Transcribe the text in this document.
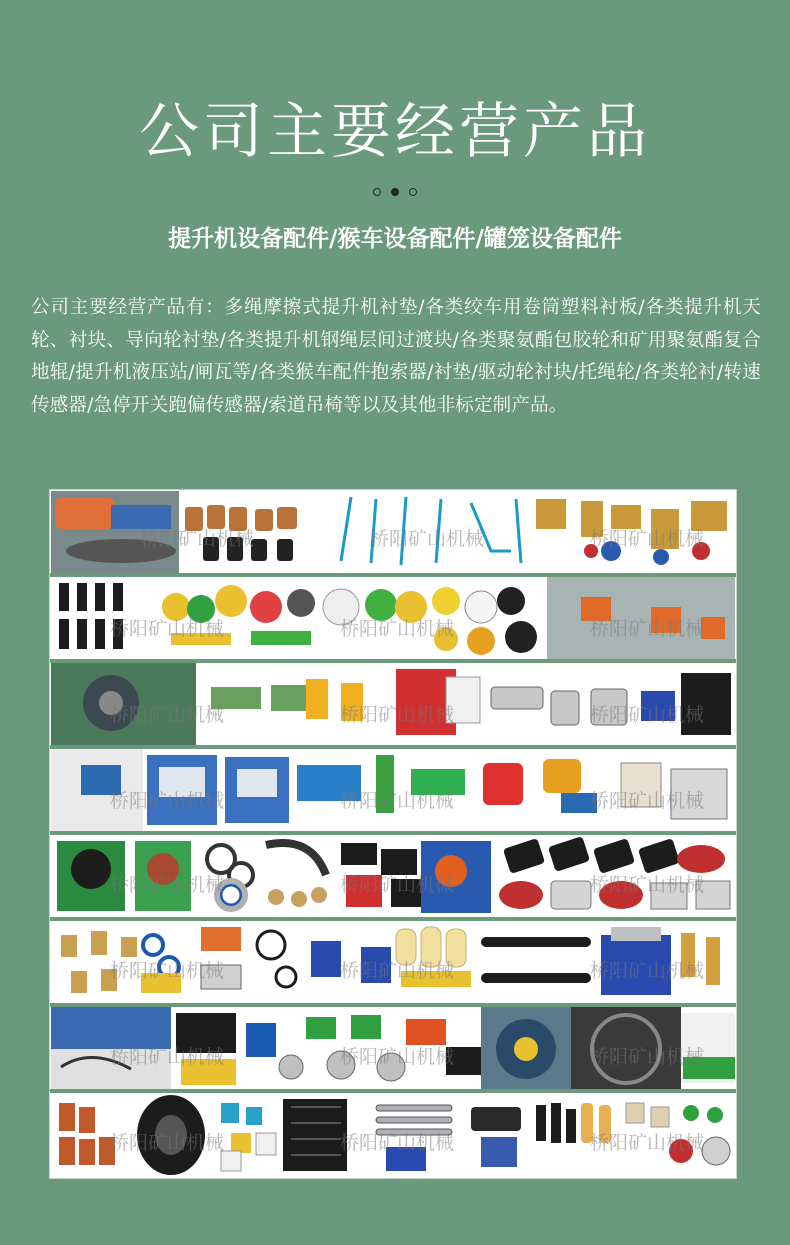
公司主要经营产品
提升机设备配件/猴车设备配件/罐笼设备配件
公司主要经营产品有：多绳摩擦式提升机衬垫/各类绞车用卷筒塑料衬板/各类提升机天轮、衬块、导向轮衬垫/各类提升机钢绳层间过渡块/各类聚氨酯包胶轮和矿用聚氨酯复合地辊/提升机液压站/闸瓦等/各类猴车配件抱索器/衬垫/驱动轮衬块/托绳轮/各类轮衬/转速传感器/急停开关跑偏传感器/索道吊椅等以及其他非标定制产品。
桥阳矿山机械	桥阳矿山机械	桥阳矿山机械
桥阳矿山机械	桥阳矿山机械	桥阳矿山机械
桥阳矿山机械	桥阳矿山机械	桥阳矿山机械
桥阳矿山机械	桥阳矿山机械	桥阳矿山机械
桥阳矿山机械	桥阳矿山机械	桥阳矿山机械
桥阳矿山机械	桥阳矿山机械	桥阳矿山机械
桥阳矿山机械	桥阳矿山机械	桥阳矿山机械
桥阳矿山机械	桥阳矿山机械	桥阳矿山机械
